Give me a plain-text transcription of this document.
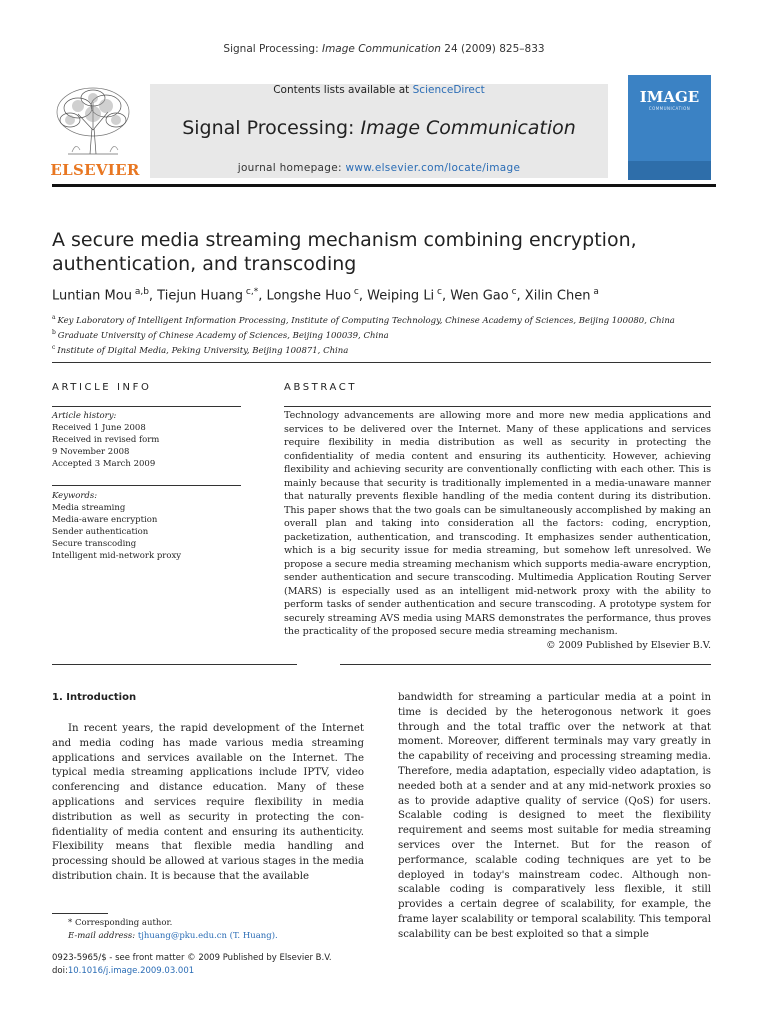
Signal Processing: Image Communication 24 (2009) 825–833
ELSEVIER
Contents lists available at ScienceDirect
Signal Processing: Image Communication
journal homepage: www.elsevier.com/locate/image
IMAGE
COMMUNICATION
A secure media streaming mechanism combining encryption, authentication, and transcoding
Luntian Mou $^{a,b}$, Tiejun Huang $^{c,*}$, Longshe Huo $^c$, Weiping Li $^c$, Wen Gao $^c$, Xilin Chen $^a$
$^a$ Key Laboratory of Intelligent Information Processing, Institute of Computing Technology, Chinese Academy of Sciences, Beijing 100080, China
$^b$ Graduate University of Chinese Academy of Sciences, Beijing 100039, China
$^c$ Institute of Digital Media, Peking University, Beijing 100871, China
ARTICLE INFO
Article history:
Received 1 June 2008
Received in revised form
9 November 2008
Accepted 3 March 2009
Keywords:
Media streaming
Media-aware encryption
Sender authentication
Secure transcoding
Intelligent mid-network proxy
ABSTRACT
Technology advancements are allowing more and more new media applications and services to be delivered over the Internet. Many of these applications and services require flexibility in media distribution as well as security in protecting the confidentiality of media content and ensuring its authenticity. However, achieving flexibility and achieving security are conventionally conflicting with each other. This is mainly because that security is traditionally implemented in a media-unaware manner that naturally prevents flexible handling of the media content during its distribution. This paper shows that the two goals can be simultaneously accomplished by making an overall plan and taking into consideration all the factors: coding, encryption, packetization, authentication, and transcoding. It emphasizes sender authentication, which is a big security issue for media streaming, but somehow left unresolved. We propose a secure media streaming mechanism which supports media-aware encryption, sender authentication and secure transcoding. Multimedia Application Routing Server (MARS) is especially used as an intelligent mid-network proxy with the ability to perform tasks of sender authentication and secure transcoding. A prototype system for securely streaming AVS media using MARS demonstrates the performance, thus proves the practicality of the proposed secure media streaming mechanism.
© 2009 Published by Elsevier B.V.
1. Introduction
In recent years, the rapid development of the Internet and media coding has made various media streaming applications and services available on the Internet. The typical media streaming applications include IPTV, video conferencing and distance education. Many of these applications and services require flexibility in media distribution as well as security in protecting the confidentiality of media content and ensuring its authenticity. Flexibility means that flexible media handling and processing should be allowed at various stages in the media distribution chain. It is because that the available
bandwidth for streaming a particular media at a point in time is decided by the heterogonous network it goes through and the total traffic over the network at that moment. Moreover, different terminals may vary greatly in the capability of receiving and processing streaming media. Therefore, media adaptation, especially video adaptation, is needed both at a sender and at any mid-network proxies so as to provide adaptive quality of service (QoS) for users. Scalable coding is designed to meet the flexibility requirement and seems most suitable for media streaming services over the Internet. But for the reason of performance, scalable coding techniques are yet to be deployed in today's mainstream codec. Although non-scalable coding is comparatively less flexible, it still provides a certain degree of scalability, for example, the frame layer scalability or temporal scalability. This temporal scalability can be best exploited so that a simple
* Corresponding author.
E-mail address: tjhuang@pku.edu.cn (T. Huang).
0923-5965/$ - see front matter © 2009 Published by Elsevier B.V.
doi:10.1016/j.image.2009.03.001
